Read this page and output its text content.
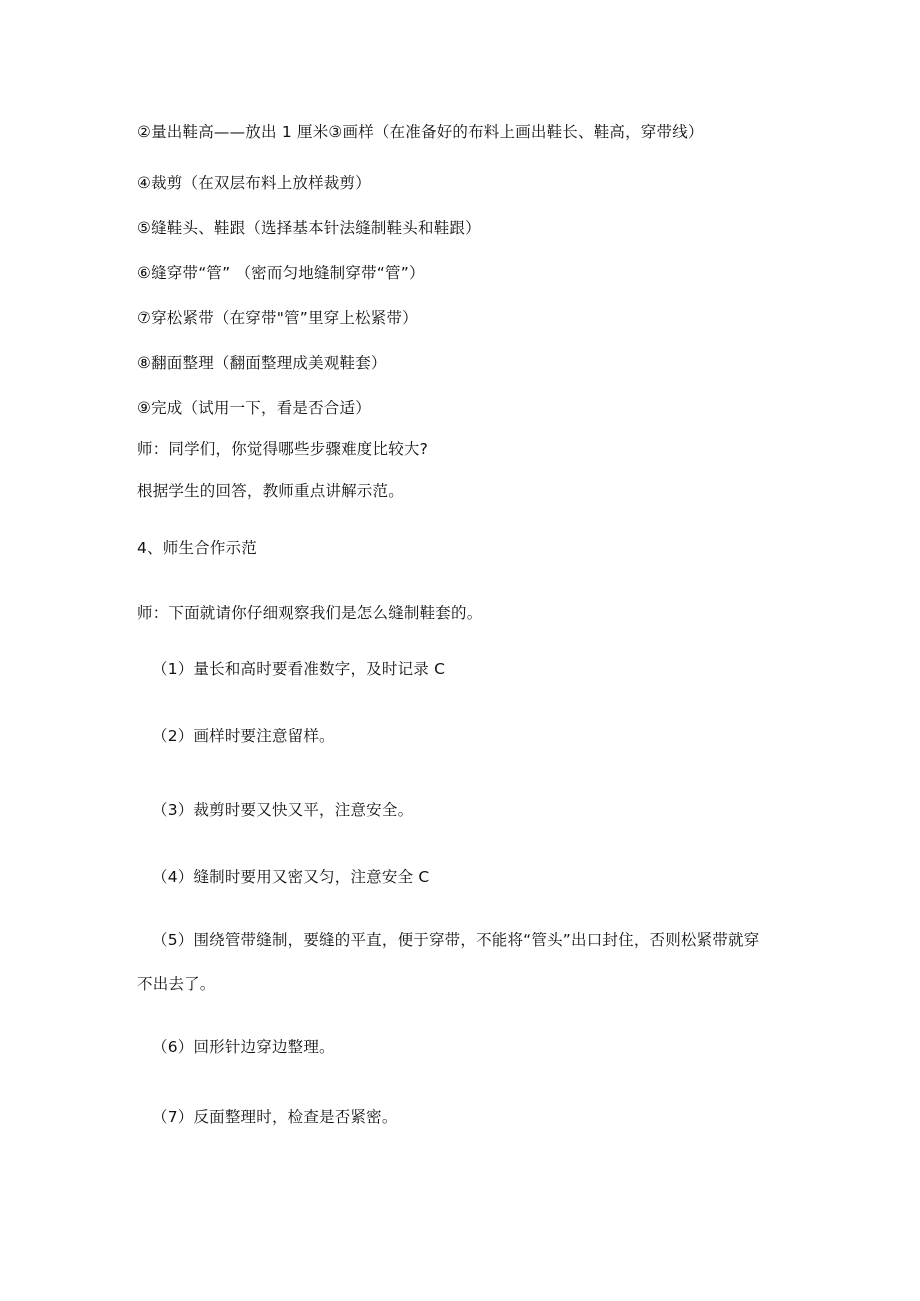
②量出鞋高——放出 1 厘米③画样（在准备好的布料上画出鞋长、鞋高，穿带线）
④裁剪（在双层布料上放样裁剪）
⑤缝鞋头、鞋跟（选择基本针法缝制鞋头和鞋跟）
⑥缝穿带“管” （密而匀地缝制穿带“管”）
⑦穿松紧带（在穿带"管”里穿上松紧带）
⑧翻面整理（翻面整理成美观鞋套）
⑨完成（试用一下，看是否合适）
师：同学们，你觉得哪些步骤难度比较大?
根据学生的回答，教师重点讲解示范。
4、师生合作示范
师：下面就请你仔细观察我们是怎么缝制鞋套的。
（1）量长和高时要看准数字，及时记录 C
（2）画样时要注意留样。
（3）裁剪时要又快又平，注意安全。
（4）缝制时要用又密又匀，注意安全 C
（5）围绕管带缝制，要缝的平直，便于穿带，不能将“管头”出口封住，否则松紧带就穿
不出去了。
（6）回形针边穿边整理。
（7）反面整理时，检查是否紧密。
